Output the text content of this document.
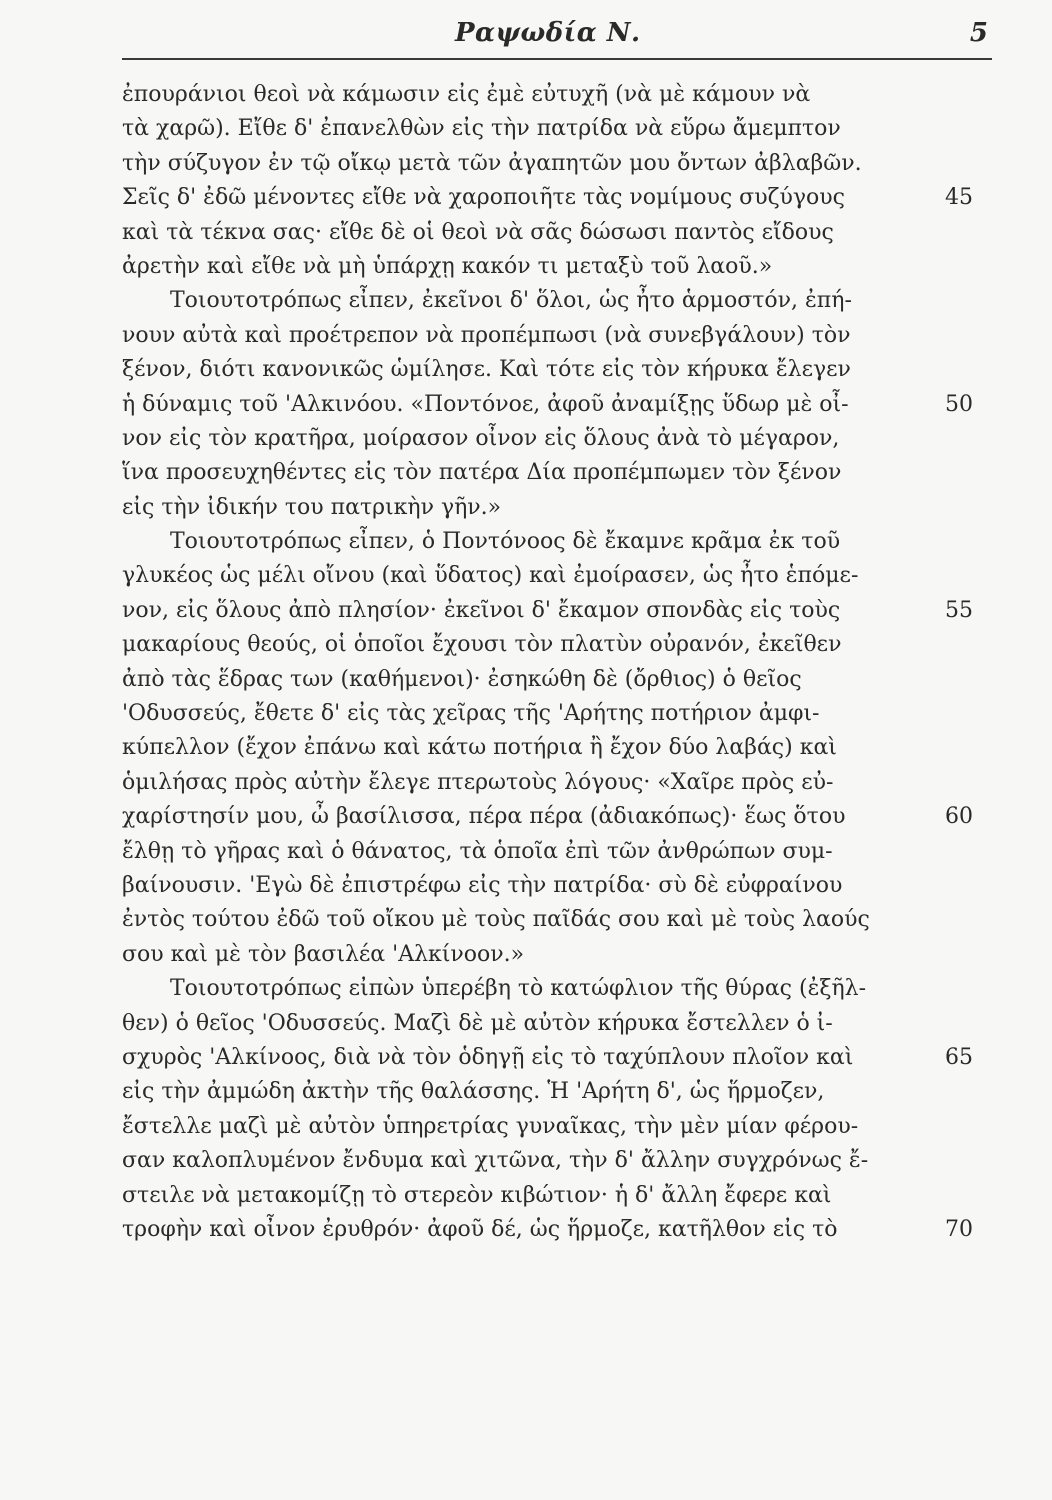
Ραψωδία Ν.	5
ἐπουράνιοι θεοὶ νὰ κάμωσιν εἰς ἐμὲ εὐτυχῆ (νὰ μὲ κάμουν νὰ
τὰ χαρῶ). Εἴθε δ' ἐπανελθὼν εἰς τὴν πατρίδα νὰ εὕρω ἄμεμπτον
τὴν σύζυγον ἐν τῷ οἴκῳ μετὰ τῶν ἀγαπητῶν μου ὄντων ἀβλαβῶν.
Σεῖς δ' ἐδῶ μένοντες εἴθε νὰ χαροποιῆτε τὰς νομίμους συζύγους
καὶ τὰ τέκνα σας· εἴθε δὲ οἱ θεοὶ νὰ σᾶς δώσωσι παντὸς εἴδους
ἀρετὴν καὶ εἴθε νὰ μὴ ὑπάρχῃ κακόν τι μεταξὺ τοῦ λαοῦ.»
Τοιουτοτρόπως εἶπεν, ἐκεῖνοι δ' ὅλοι, ὡς ἦτο ἁρμοστόν, ἐπή-
νουν αὐτὰ καὶ προέτρεπον νὰ προπέμπωσι (νὰ συνεβγάλουν) τὸν
ξένον, διότι κανονικῶς ὡμίλησε. Καὶ τότε εἰς τὸν κήρυκα ἔλεγεν
ἡ δύναμις τοῦ 'Αλκινόου. «Ποντόνοε, ἀφοῦ ἀναμίξῃς ὕδωρ μὲ οἶ-
νον εἰς τὸν κρατῆρα, μοίρασον οἶνον εἰς ὅλους ἀνὰ τὸ μέγαρον,
ἵνα προσευχηθέντες εἰς τὸν πατέρα Δία προπέμπωμεν τὸν ξένον
εἰς τὴν ἰδικήν του πατρικὴν γῆν.»
Τοιουτοτρόπως εἶπεν, ὁ Ποντόνοος δὲ ἔκαμνε κρᾶμα ἐκ τοῦ
γλυκέος ὡς μέλι οἴνου (καὶ ὕδατος) καὶ ἐμοίρασεν, ὡς ἦτο ἑπόμε-
νον, εἰς ὅλους ἀπὸ πλησίον· ἐκεῖνοι δ' ἔκαμον σπονδὰς εἰς τοὺς
μακαρίους θεούς, οἱ ὁποῖοι ἔχουσι τὸν πλατὺν οὐρανόν, ἐκεῖθεν
ἀπὸ τὰς ἕδρας των (καθήμενοι)· ἐσηκώθη δὲ (ὄρθιος) ὁ θεῖος
'Οδυσσεύς, ἔθετε δ' εἰς τὰς χεῖρας τῆς 'Αρήτης ποτήριον ἀμφι-
κύπελλον (ἔχον ἐπάνω καὶ κάτω ποτήρια ἢ ἔχον δύο λαβάς) καὶ
ὁμιλήσας πρὸς αὐτὴν ἔλεγε πτερωτοὺς λόγους· «Χαῖρε πρὸς εὐ-
χαρίστησίν μου, ὦ βασίλισσα, πέρα πέρα (ἀδιακόπως)· ἕως ὅτου
ἔλθῃ τὸ γῆρας καὶ ὁ θάνατος, τὰ ὁποῖα ἐπὶ τῶν ἀνθρώπων συμ-
βαίνουσιν. 'Εγὼ δὲ ἐπιστρέφω εἰς τὴν πατρίδα· σὺ δὲ εὐφραίνου
ἐντὸς τούτου ἐδῶ τοῦ οἴκου μὲ τοὺς παῖδάς σου καὶ μὲ τοὺς λαούς
σου καὶ μὲ τὸν βασιλέα 'Αλκίνοον.»
Τοιουτοτρόπως εἰπὼν ὑπερέβη τὸ κατώφλιον τῆς θύρας (ἐξῆλ-
θεν) ὁ θεῖος 'Οδυσσεύς. Μαζὶ δὲ μὲ αὐτὸν κήρυκα ἔστελλεν ὁ ἰ-
σχυρὸς 'Αλκίνοος, διὰ νὰ τὸν ὁδηγῇ εἰς τὸ ταχύπλουν πλοῖον καὶ
εἰς τὴν ἀμμώδη ἀκτὴν τῆς θαλάσσης. Ἡ 'Αρήτη δ', ὡς ἥρμοζεν,
ἔστελλε μαζὶ μὲ αὐτὸν ὑπηρετρίας γυναῖκας, τὴν μὲν μίαν φέρου-
σαν καλοπλυμένον ἔνδυμα καὶ χιτῶνα, τὴν δ' ἄλλην συγχρόνως ἔ-
στειλε νὰ μετακομίζῃ τὸ στερεὸν κιβώτιον· ἡ δ' ἄλλη ἔφερε καὶ
τροφὴν καὶ οἶνον ἐρυθρόν· ἀφοῦ δέ, ὡς ἥρμοζε, κατῆλθον εἰς τὸ
45
50
55
60
65
70
